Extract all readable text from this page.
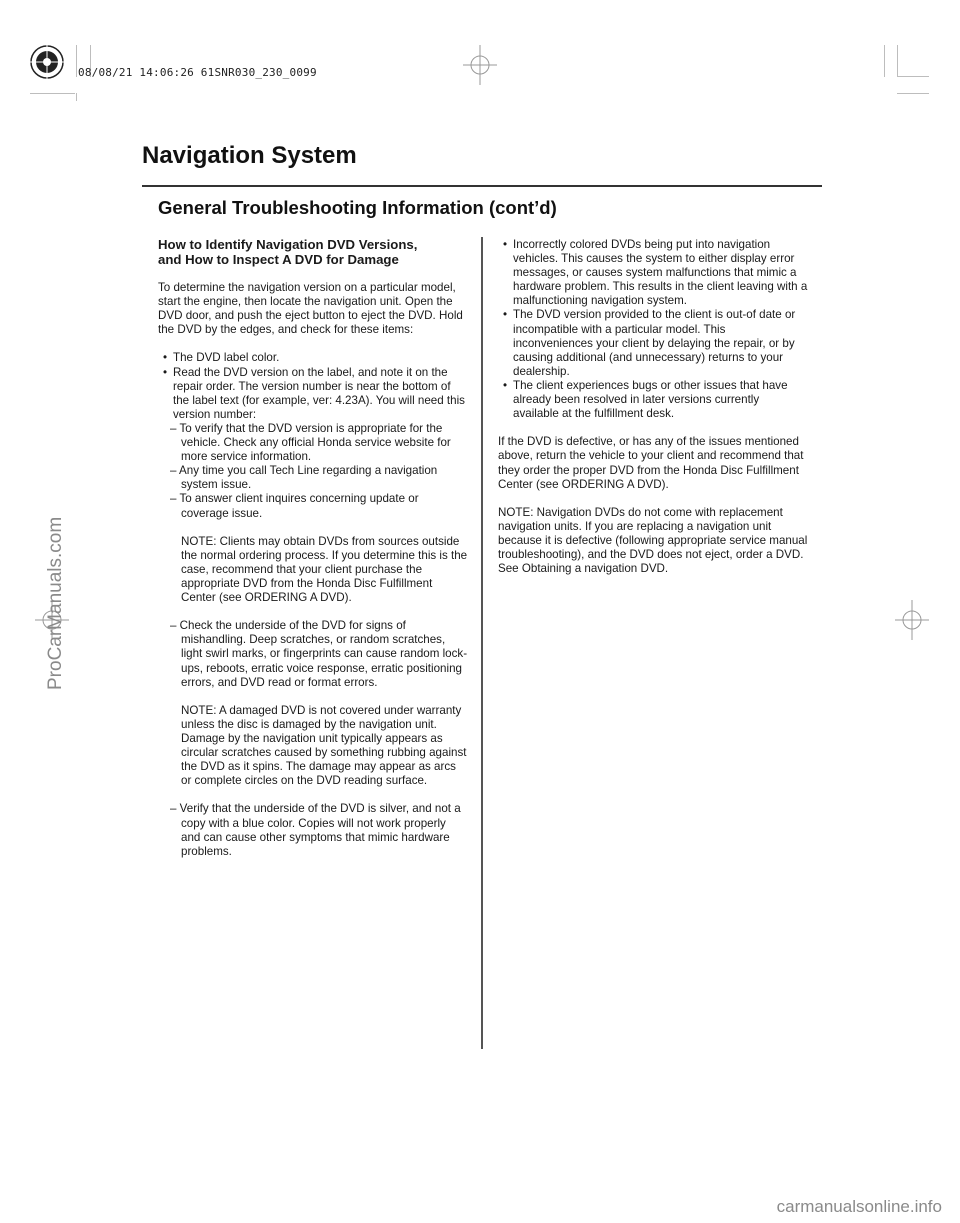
08/08/21 14:06:26 61SNR030_230_0099
Navigation System
General Troubleshooting Information (cont’d)
How to Identify Navigation DVD Versions,
and How to Inspect A DVD for Damage

To determine the navigation version on a particular model, start the engine, then locate the navigation unit. Open the DVD door, and push the eject button to eject the DVD. Hold the DVD by the edges, and check for these items:

• The DVD label color.

• Read the DVD version on the label, and note it on the repair order. The version number is near the bottom of the label text (for example, ver: 4.23A). You will need this version number:

– To verify that the DVD version is appropriate for the vehicle. Check any official Honda service website for more service information.

– Any time you call Tech Line regarding a navigation system issue.

– To answer client inquires concerning update or coverage issue.

NOTE: Clients may obtain DVDs from sources outside the normal ordering process. If you determine this is the case, recommend that your client purchase the appropriate DVD from the Honda Disc Fulfillment Center (see ORDERING A DVD).

– Check the underside of the DVD for signs of mishandling. Deep scratches, or random scratches, light swirl marks, or fingerprints can cause random lock-ups, reboots, erratic voice response, erratic positioning errors, and DVD read or format errors.

NOTE: A damaged DVD is not covered under warranty unless the disc is damaged by the navigation unit. Damage by the navigation unit typically appears as circular scratches caused by something rubbing against the DVD as it spins. The damage may appear as arcs or complete circles on the DVD reading surface.

– Verify that the underside of the DVD is silver, and not a copy with a blue color. Copies will not work properly and can cause other symptoms that mimic hardware problems.

• Incorrectly colored DVDs being put into navigation vehicles. This causes the system to either display error messages, or causes system malfunctions that mimic a hardware problem. This results in the client leaving with a malfunctioning navigation system.

• The DVD version provided to the client is out-of date or incompatible with a particular model. This inconveniences your client by delaying the repair, or by causing additional (and unnecessary) returns to your dealership.

• The client experiences bugs or other issues that have already been resolved in later versions currently available at the fulfillment desk.

If the DVD is defective, or has any of the issues mentioned above, return the vehicle to your client and recommend that they order the proper DVD from the Honda Disc Fulfillment Center (see ORDERING A DVD).

NOTE: Navigation DVDs do not come with replacement navigation units. If you are replacing a navigation unit because it is defective (following appropriate service manual troubleshooting), and the DVD does not eject, order a DVD. See Obtaining a navigation DVD.

ProCarManuals.com
carmanualsonline.info
